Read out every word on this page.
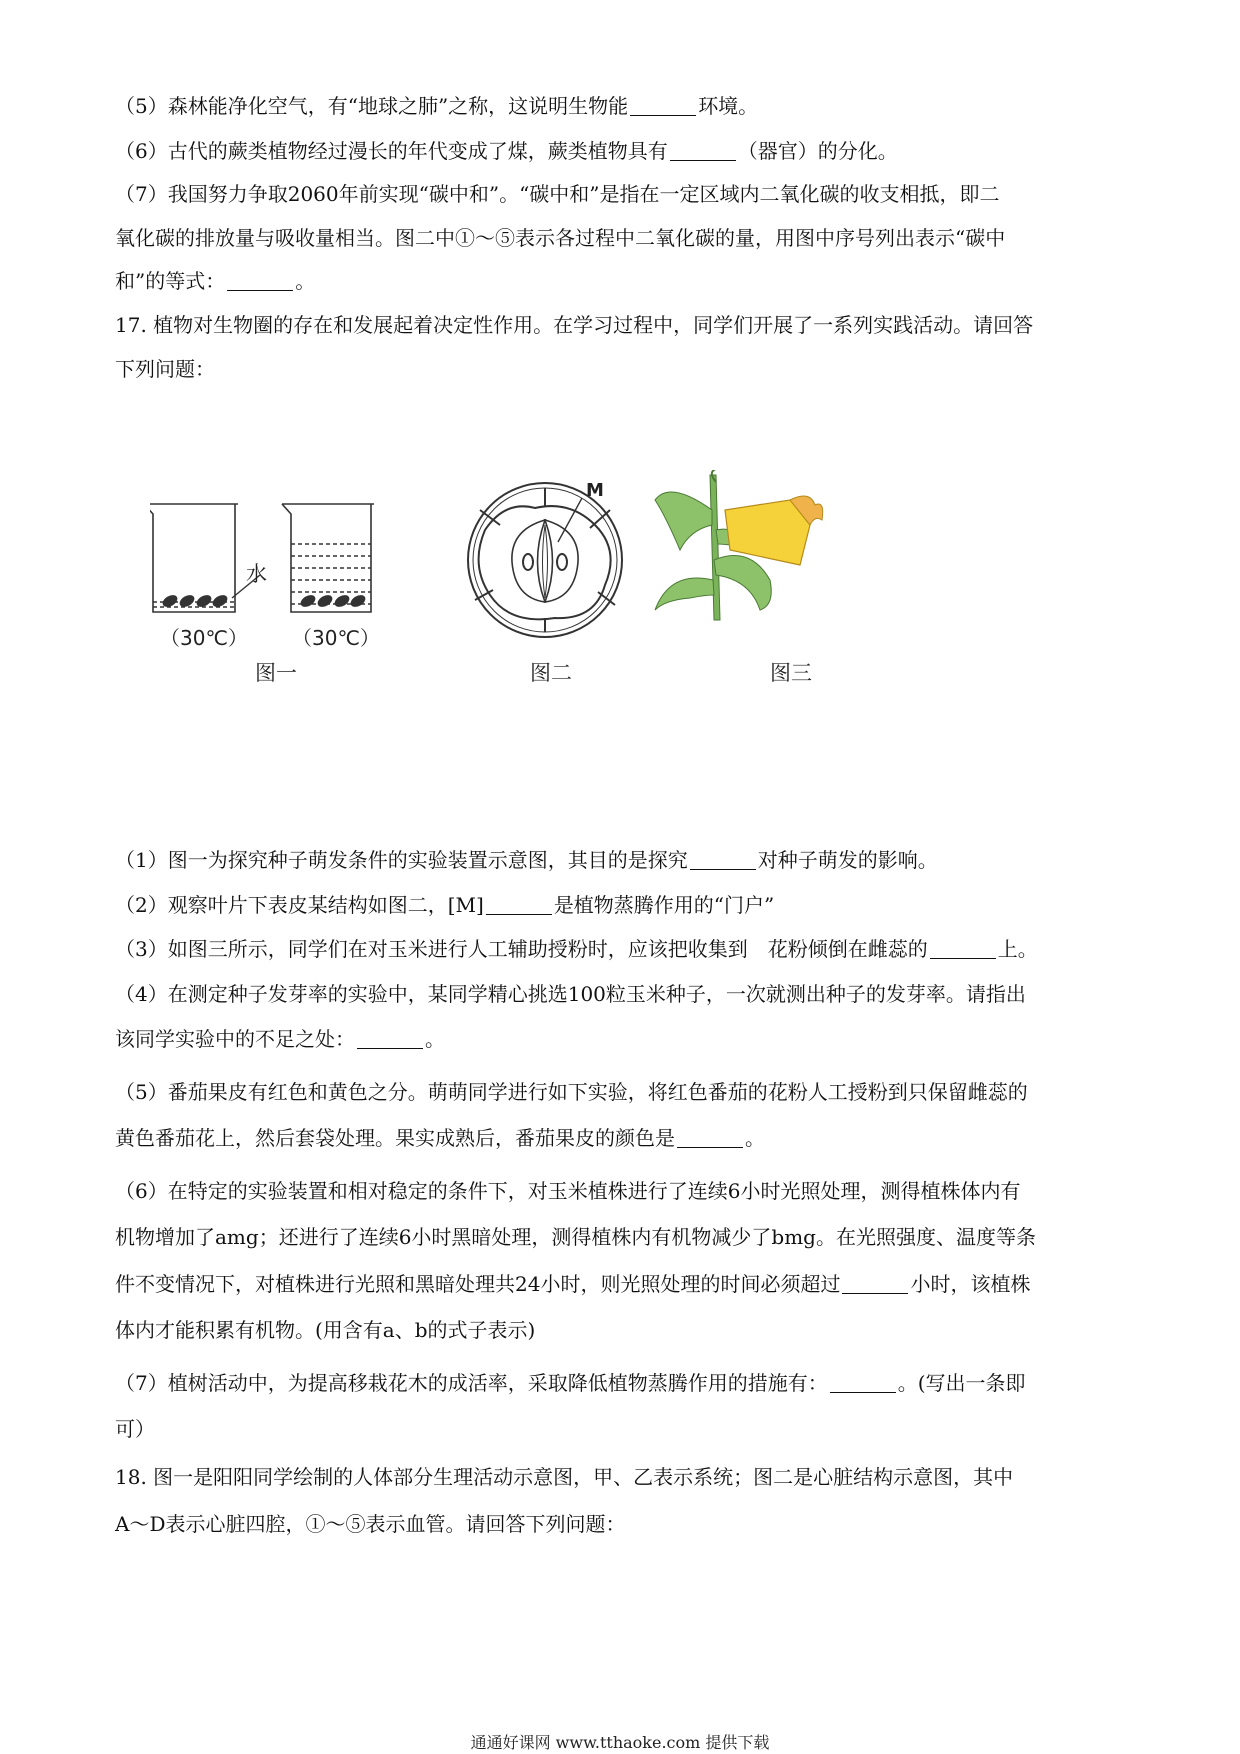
（5）森林能净化空气，有“地球之肺”之称，这说明生物能	环境。
（6）古代的蕨类植物经过漫长的年代变成了煤，蕨类植物具有	（器官）的分化。
（7）我国努力争取2060年前实现“碳中和”。“碳中和”是指在一定区域内二氧化碳的收支相抵，即二
氧化碳的排放量与吸收量相当。图二中①～⑤表示各过程中二氧化碳的量，用图中序号列出表示“碳中
和”的等式：	。
17. 植物对生物圈的存在和发展起着决定性作用。在学习过程中，同学们开展了一系列实践活动。请回答
下列问题：
水
（30℃） （30℃）
M
图一	图二	图三
（1）图一为探究种子萌发条件的实验装置示意图，其目的是探究	对种子萌发的影响。
（2）观察叶片下表皮某结构如图二，[M]	是植物蒸腾作用的“门户”
（3）如图三所示，同学们在对玉米进行人工辅助授粉时，应该把收集到　花粉倾倒在雌蕊的	上。
（4）在测定种子发芽率的实验中，某同学精心挑选100粒玉米种子，一次就测出种子的发芽率。请指出
该同学实验中的不足之处：	。
（5）番茄果皮有红色和黄色之分。萌萌同学进行如下实验，将红色番茄的花粉人工授粉到只保留雌蕊的
黄色番茄花上，然后套袋处理。果实成熟后，番茄果皮的颜色是	。
（6）在特定的实验装置和相对稳定的条件下，对玉米植株进行了连续6小时光照处理，测得植株体内有
机物增加了amg；还进行了连续6小时黑暗处理，测得植株内有机物减少了bmg。在光照强度、温度等条
件不变情况下，对植株进行光照和黑暗处理共24小时，则光照处理的时间必须超过	小时，该植株
体内才能积累有机物。(用含有a、b的式子表示)
（7）植树活动中，为提高移栽花木的成活率，采取降低植物蒸腾作用的措施有：	。(写出一条即
可）
18. 图一是阳阳同学绘制的人体部分生理活动示意图，甲、乙表示系统；图二是心脏结构示意图，其中
A～D表示心脏四腔，①～⑤表示血管。请回答下列问题：
通通好课网 www.tthaoke.com 提供下载
